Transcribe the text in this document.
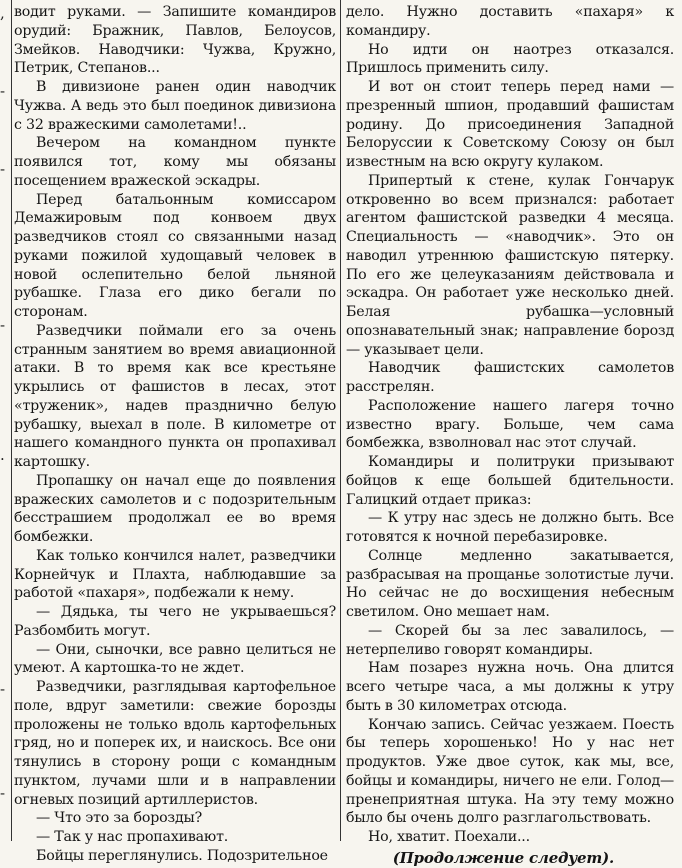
,
-
-
-
.
-
-

водит руками. — Запишите командиров орудий: Бражник, Павлов, Белоусов, Змейков. Наводчики: Чужва, Кружно, Петрик, Степанов...

В дивизионе ранен один наводчик Чужва. А ведь это был поединок дивизиона с 32 вражескими самолетами!..

Вечером на командном пункте появился тот, кому мы обязаны посещением вражеской эскадры.

Перед батальонным комиссаром Демажировым под конвоем двух разведчиков стоял со связанными назад руками пожилой худощавый человек в новой ослепительно белой льняной рубашке. Глаза его дико бегали по сторонам.

Разведчики поймали его за очень странным занятием во время авиационной атаки. В то время как все крестьяне укрылись от фашистов в лесах, этот «труженик», надев празднично белую рубашку, выехал в поле. В километре от нашего командного пункта он пропахивал картошку.

Пропашку он начал еще до появления вражеских самолетов и с подозрительным бесстрашием продолжал ее во время бомбежки.

Как только кончился налет, разведчики Корнейчук и Плахта, наблюдавшие за работой «пахаря», подбежали к нему.

— Дядька, ты чего не укрываешься? Разбомбить могут.

— Они, сыночки, все равно целиться не умеют. А картошка-то не ждет.

Разведчики, разглядывая картофельное поле, вдруг заметили: свежие борозды проложены не только вдоль картофельных гряд, но и поперек их, и наискось. Все они тянулись в сторону рощи с командным пунктом, лучами шли и в направлении огневых позиций артиллеристов.

— Что это за борозды?

— Так у нас пропахивают.

Бойцы переглянулись. Подозрительное

дело. Нужно доставить «пахаря» к командиру.

Но идти он наотрез отказался. Пришлось применить силу.

И вот он стоит теперь перед нами — презренный шпион, продавший фашистам родину. До присоединения Западной Белоруссии к Советскому Союзу он был известным на всю округу кулаком.

Припертый к стене, кулак Гончарук откровенно во всем признался: работает агентом фашистской разведки 4 месяца. Специальность — «наводчик». Это он наводил утреннюю фашистскую пятерку. По его же целеуказаниям действовала и эскадра. Он работает уже несколько дней. Белая рубашка—условный опознавательный знак; направление борозд — указывает цели.

Наводчик фашистских самолетов расстрелян.

Расположение нашего лагеря точно известно врагу. Больше, чем сама бомбежка, взволновал нас этот случай.

Командиры и политруки призывают бойцов к еще большей бдительности. Галицкий отдает приказ:

— К утру нас здесь не должно быть. Все готовятся к ночной перебазировке.

Солнце медленно закатывается, разбрасывая на прощанье золотистые лучи. Но сейчас не до восхищения небесным светилом. Оно мешает нам.

— Скорей бы за лес завалилось, — нетерпеливо говорят командиры.

Нам позарез нужна ночь. Она длится всего четыре часа, а мы должны к утру быть в 30 километрах отсюда.

Кончаю запись. Сейчас уезжаем. Поесть бы теперь хорошенько! Но у нас нет продуктов. Уже двое суток, как мы, все, бойцы и командиры, ничего не ели. Голод—пренеприятная штука. На эту тему можно было бы очень долго разглагольствовать.

Но, хватит. Поехали...

(Продолжение следует).
